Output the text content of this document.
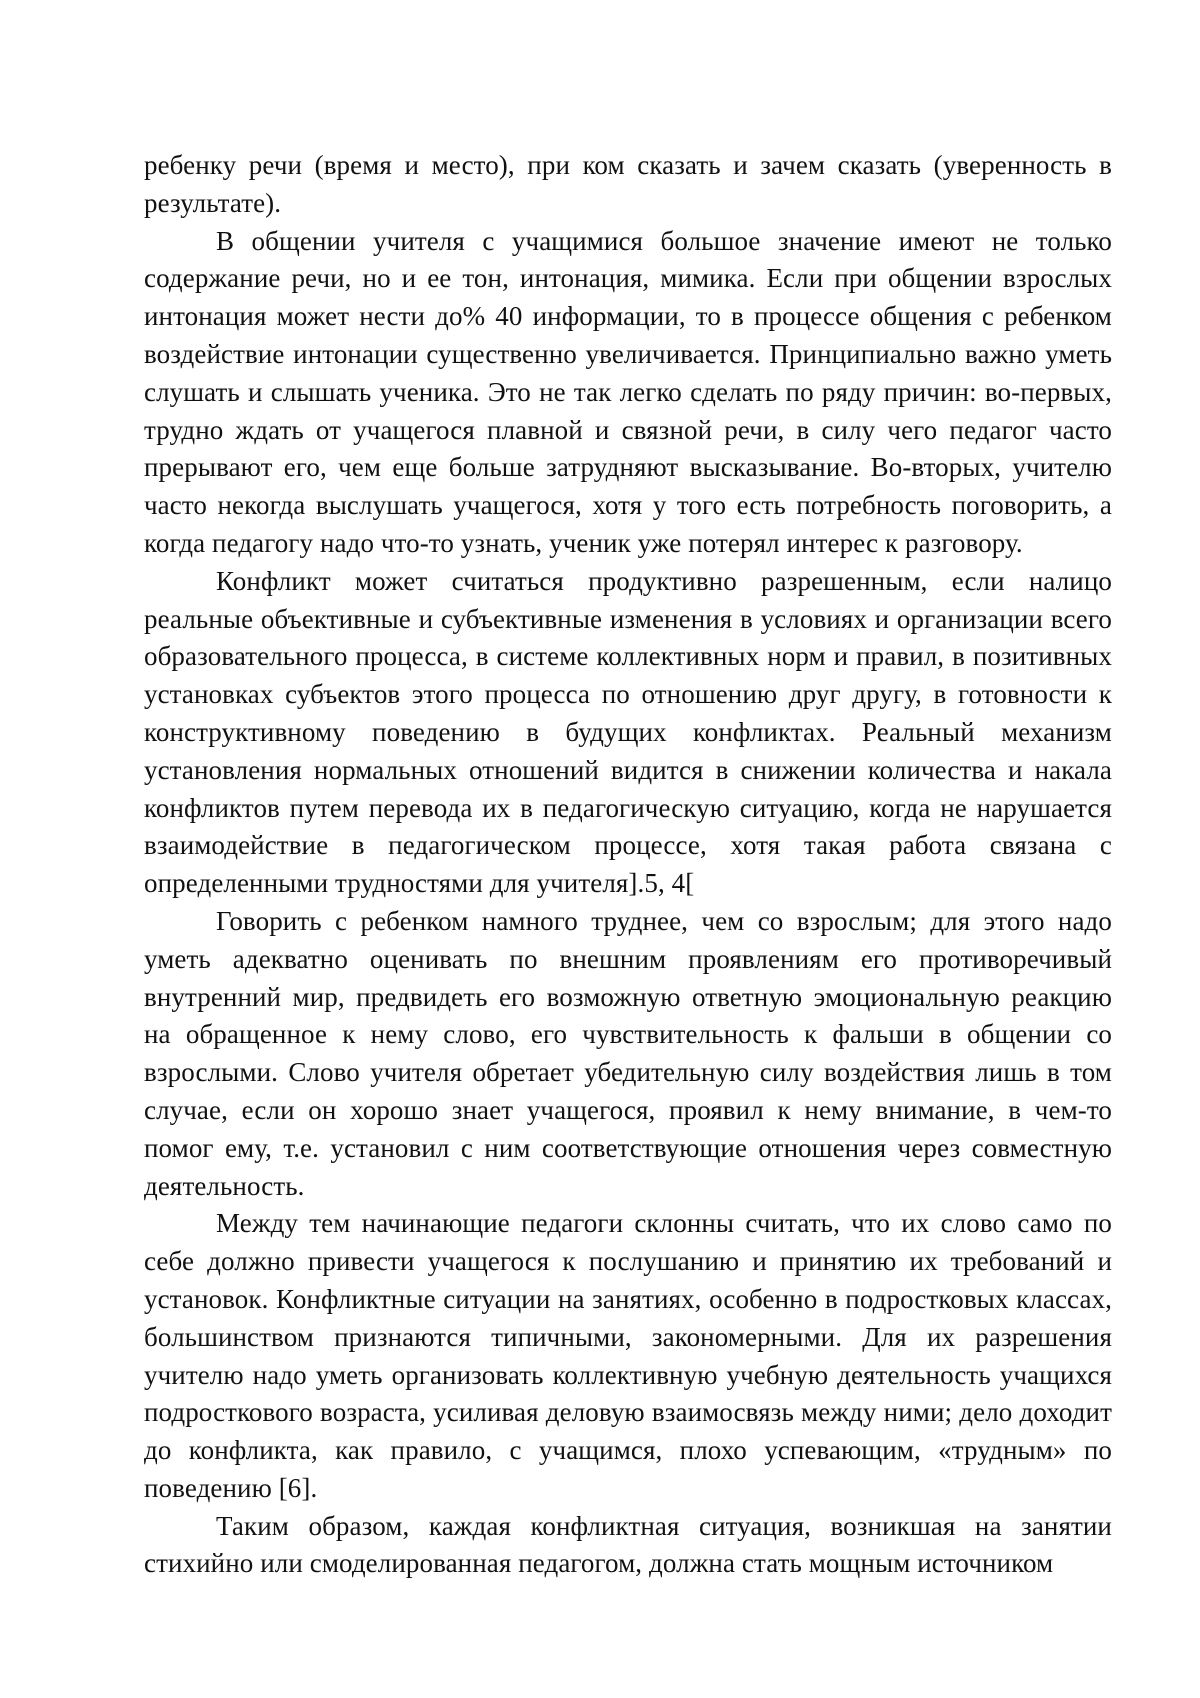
ребенку речи (время и место), при ком сказать и зачем сказать (уверенность в результате).

В общении учителя с учащимися большое значение имеют не только содержание речи, но и ее тон, интонация, мимика. Если при общении взрослых интонация может нести до% 40 информации, то в процессе общения с ребенком воздействие интонации существенно увеличивается. Принципиально важно уметь слушать и слышать ученика. Это не так легко сделать по ряду причин: во-первых, трудно ждать от учащегося плавной и связной речи, в силу чего педагог часто прерывают его, чем еще больше затрудняют высказывание. Во-вторых, учителю часто некогда выслушать учащегося, хотя у того есть потребность поговорить, а когда педагогу надо что-то узнать, ученик уже потерял интерес к разговору.

Конфликт может считаться продуктивно разрешенным, если налицо реальные объективные и субъективные изменения в условиях и организации всего образовательного процесса, в системе коллективных норм и правил, в позитивных установках субъектов этого процесса по отношению друг другу, в готовности к конструктивному поведению в будущих конфликтах. Реальный механизм установления нормальных отношений видится в снижении количества и накала конфликтов путем перевода их в педагогическую ситуацию, когда не нарушается взаимодействие в педагогическом процессе, хотя такая работа связана с определенными трудностями для учителя].5, 4[

Говорить с ребенком намного труднее, чем со взрослым; для этого надо уметь адекватно оценивать по внешним проявлениям его противоречивый внутренний мир, предвидеть его возможную ответную эмоциональную реакцию на обращенное к нему слово, его чувствительность к фальши в общении со взрослыми. Слово учителя обретает убедительную силу воздействия лишь в том случае, если он хорошо знает учащегося, проявил к нему внимание, в чем-то помог ему, т.е. установил с ним соответствующие отношения через совместную деятельность.

Между тем начинающие педагоги склонны считать, что их слово само по себе должно привести учащегося к послушанию и принятию их требований и установок. Конфликтные ситуации на занятиях, особенно в подростковых классах, большинством признаются типичными, закономерными. Для их разрешения учителю надо уметь организовать коллективную учебную деятельность учащихся подросткового возраста, усиливая деловую взаимосвязь между ними; дело доходит до конфликта, как правило, с учащимся, плохо успевающим, «трудным» по поведению [6].

Таким образом, каждая конфликтная ситуация, возникшая на занятии стихийно или смоделированная педагогом, должна стать мощным источником
